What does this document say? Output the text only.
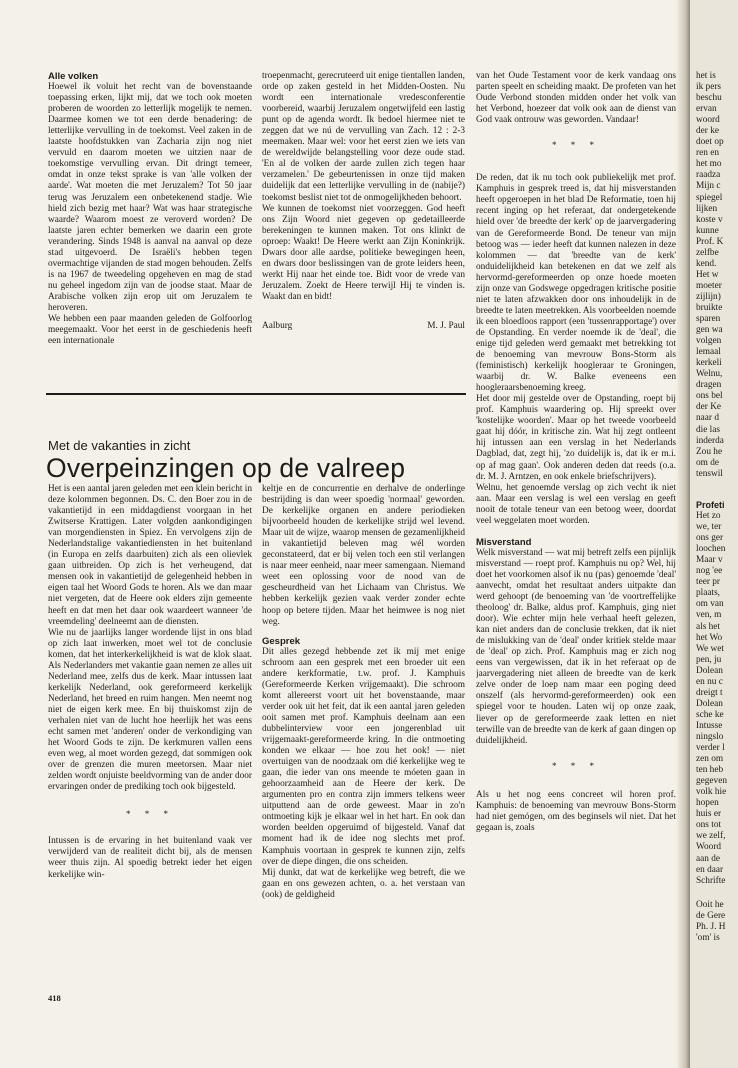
Alle volken

Hoewel ik voluit het recht van de bovenstaande toepassing erken, lijkt mij, dat we toch ook moeten proberen de woorden zo letterlijk mogelijk te nemen. Daarmee komen we tot een derde benadering: de letterlijke vervulling in de toekomst. Veel zaken in de laatste hoofdstukken van Zacharia zijn nog niet vervuld en daarom moeten we uitzien naar de toekomstige vervulling ervan. Dit dringt temeer, omdat in onze tekst sprake is van 'alle volken der aarde'. Wat moeten die met Jeruzalem? Tot 50 jaar terug was Jeruzalem een onbetekenend stadje. Wie hield zich bezig met haar? Wat was haar strategische waarde? Waarom moest ze veroverd worden? De laatste jaren echter bemerken we daarin een grote verandering. Sinds 1948 is aanval na aanval op deze stad uitgevoerd. De Israëli's hebben tegen overmachtige vijanden de stad mogen behouden. Zelfs is na 1967 de tweedeling opgeheven en mag de stad nu geheel ingedom zijn van de joodse staat. Maar de Arabische volken zijn erop uit om Jeruzalem te heroveren.

We hebben een paar maanden geleden de Golfoorlog meegemaakt. Voor het eerst in de geschiedenis heeft een internationale

troepenmacht, gerecruteerd uit enige tientallen landen, orde op zaken gesteld in het Midden-Oosten. Nu wordt een internationale vredesconferentie voorbereid, waarbij Jeruzalem ongetwijfeld een lastig punt op de agenda wordt. Ik bedoel hiermee niet te zeggen dat we nú de vervulling van Zach. 12 : 2-3 meemaken. Maar wel: voor het eerst zien we iets van de wereldwijde belangstelling voor deze oude stad. 'En al de volken der aarde zullen zich tegen haar verzamelen.' De gebeurtenissen in onze tijd maken duidelijk dat een letterlijke vervulling in de (nabije?) toekomst beslist niet tot de onmogelijkheden behoort.

We kunnen de toekomst niet voorzeggen. God heeft ons Zijn Woord niet gegeven op gedetailleerde berekeningen te kunnen maken. Tot ons klinkt de oproep: Waakt! De Heere werkt aan Zijn Koninkrijk. Dwars door alle aardse, politieke bewegingen heen, en dwars door beslissingen van de grote leiders heen, werkt Hij naar het einde toe. Bidt voor de vrede van Jeruzalem. Zoekt de Heere terwijl Hij te vinden is. Waakt dan en bidt!

Aalburg	M. J. Paul
Met de vakanties in zicht
Overpeinzingen op de valreep

Het is een aantal jaren geleden met een klein bericht in deze kolommen begonnen. Ds. C. den Boer zou in de vakantietijd in een middagdienst voorgaan in het Zwitserse Krattigen. Later volgden aankondigingen van morgendiensten in Spiez. En vervolgens zijn de Nederlandstalige vakantiediensten in het buitenland (in Europa en zelfs daarbuiten) zich als een olievlek gaan uitbreiden. Op zich is het verheugend, dat mensen ook in vakantietijd de gelegenheid hebben in eigen taal het Woord Gods te horen. Als we dan maar niet vergeten, dat de Heere ook elders zijn gemeente heeft en dat men het daar ook waardeert wanneer 'de vreemdeling' deelneemt aan de diensten.

Wie nu de jaarlijks langer wordende lijst in ons blad op zich laat inwerken, moet wel tot de conclusie komen, dat het interkerkelijkheid is wat de klok slaat. Als Nederlanders met vakantie gaan nemen ze alles uit Nederland mee, zelfs dus de kerk. Maar intussen laat kerkelijk Nederland, ook gereformeerd kerkelijk Nederland, het breed en ruim hangen. Men neemt nog niet de eigen kerk mee. En bij thuiskomst zijn de verhalen niet van de lucht hoe heerlijk het was eens echt samen met 'anderen' onder de verkondiging van het Woord Gods te zijn. De kerkmuren vallen eens even weg, al moet worden gezegd, dat sommigen ook over de grenzen die muren meetorsen. Maar niet zelden wordt onjuiste beeldvorming van de ander door ervaringen onder de prediking toch ook bijgesteld.

* * *

Intussen is de ervaring in het buitenland vaak ver verwijderd van de realiteit dicht bij, als de mensen weer thuis zijn. Al spoedig betrekt ieder het eigen kerkelijke win-

keltje en de concurrentie en derhalve de onderlinge bestrijding is dan weer spoedig 'normaal' geworden. De kerkelijke organen en andere periodieken bijvoorbeeld houden de kerkelijke strijd wel levend. Maar uit de wijze, waarop mensen de gezamenlijkheid in vakantietijd beleven mag wél worden geconstateerd, dat er bij velen toch een stil verlangen is naar meer eenheid, naar meer samengaan. Niemand weet een oplossing voor de nood van de gescheurdheid van het Lichaam van Christus. We hebben kerkelijk gezien vaak verder zonder echte hoop op betere tijden. Maar het heimwee is nog niet weg.

Gesprek

Dit alles gezegd hebbende zet ik mij met enige schroom aan een gesprek met een broeder uit een andere kerkformatie, t.w. prof. J. Kamphuis (Gereformeerde Kerken vrijgemaakt). Die schroom komt allereerst voort uit het bovenstaande, maar verder ook uit het feit, dat ik een aantal jaren geleden ooit samen met prof. Kamphuis deelnam aan een dubbelinterview voor een jongerenblad uit vrijgemaakt-gereformeerde kring. In die ontmoeting konden we elkaar — hoe zou het ook! — niet overtuigen van de noodzaak om dié kerkelijke weg te gaan, die ieder van ons meende te móeten gaan in gehoorzaamheid aan de Heere der kerk. De argumenten pro en contra zijn immers telkens weer uitputtend aan de orde geweest. Maar in zo'n ontmoeting kijk je elkaar wel in het hart. En ook dan worden beelden opgeruimd of bijgesteld. Vanaf dat moment had ik de idee nog slechts met prof. Kamphuis voortaan in gesprek te kunnen zijn, zelfs over de diepe dingen, die ons scheiden.

Mij dunkt, dat wat de kerkelijke weg betreft, die we gaan en ons gewezen achten, o. a. het verstaan van (ook) de geldigheid

van het Oude Testament voor de kerk vandaag ons parten speelt en scheiding maakt. De profeten van het Oude Verbond stonden midden onder het volk van het Verbond, hoezeer dat volk ook aan de dienst van God vaak ontrouw was geworden. Vandaar!

* * *

De reden, dat ik nu toch ook publiekelijk met prof. Kamphuis in gesprek treed is, dat hij misverstanden heeft opgeroepen in het blad De Reformatie, toen hij recent inging op het referaat, dat ondergetekende hield over 'de breedte der kerk' op de jaarvergadering van de Gereformeerde Bond. De teneur van mijn betoog was — ieder heeft dat kunnen nalezen in deze kolommen — dat 'breedte van de kerk' onduidelijkheid kan betekenen en dat we zelf als hervormd-gereformeerden op onze hoede moeten zijn onze van Godswege opgedragen kritische positie niet te laten afzwakken door ons inhoudelijk in de breedte te laten meetrekken. Als voorbeelden noemde ik een bloedloos rapport (een 'tussenrapportage') over de Opstanding. En verder noemde ik de 'deal', die enige tijd geleden werd gemaakt met betrekking tot de benoeming van mevrouw Bons-Storm als (feministisch) kerkelijk hoogleraar te Groningen, waarbij dr. W. Balke eveneens een hoogleraarsbenoeming kreeg.

Het door mij gestelde over de Opstanding, roept bij prof. Kamphuis waardering op. Hij spreekt over 'kostelijke woorden'. Maar op het tweede voorbeeld gaat hij dóór, in kritische zin. Wat hij zegt ontleent hij intussen aan een verslag in het Nederlands Dagblad, dat, zegt hij, 'zo duidelijk is, dat ik er m.i. op af mag gaan'. Ook anderen deden dat reeds (o.a. dr. M. J. Arntzen, en ook enkele briefschrijvers).

Welnu, het genoemde verslag op zich vecht ik niet aan. Maar een verslag is wel een verslag en geeft nooit de totale teneur van een betoog weer, doordat veel weggelaten moet worden.

Misverstand

Welk misverstand — wat mij betreft zelfs een pijnlijk misverstand — roept prof. Kamphuis nu op? Wel, hij doet het voorkomen alsof ik nu (pas) genoemde 'deal' aanvecht, omdat het resultaat anders uitpakte dan werd gehoopt (de benoeming van 'de voortreffelijke theoloog' dr. Balke, aldus prof. Kamphuis, ging niet door). Wie echter mijn hele verhaal heeft gelezen, kan niet anders dan de conclusie trekken, dat ik niet de mislukking van de 'deal' onder kritiek stelde maar de 'deal' op zich. Prof. Kamphuis mag er zich nog eens van vergewissen, dat ik in het referaat op de jaarvergadering niet alleen de breedte van de kerk zelve onder de loep nam maar een poging deed onszelf (als hervormd-gereformeerden) ook een spiegel voor te houden. Laten wij op onze zaak, liever op de gereformeerde zaak letten en niet terwille van de breedte van de kerk af gaan dingen op duidelijkheid.

* * *

Als u het nog eens concreet wil horen prof. Kamphuis: de benoeming van mevrouw Bons-Storm had niet gemógen, om des beginsels wil niet. Dat het gegaan is, zoals

418
het is
ik pers
beschu
ervan
woord
der ke
doet op
ren en
het mo
raadza
Mijn c
spiegel
lijken
koste v
kunne
Prof. K
zelfbe
kend.
Het w
moeter
zijlijn)
bruikte
sparen
gen wa
volgen
lemaal
kerkeli
Welnu,
dragen
ons bel
der Ke
naar d
die las
inderda
Zou he
om de
tenswil

Profeti

Het zo
we, ter
ons ger
loochen
Maar v
nog 'ee
teer pr
plaats,
om van
ven, m
als het
het Wo
We wet
pen, ju
Dolean
en nu c
dreigt t
Dolean
sche ke
Intusse
ningslo
verder l
zen om
ten heb
gegeven
volk hie
hopen
huis er
ons tot
we zelf,
Woord
aan de
en daar
Schrifte
Ooit he
de Gere
Ph. J. H
'om' is
